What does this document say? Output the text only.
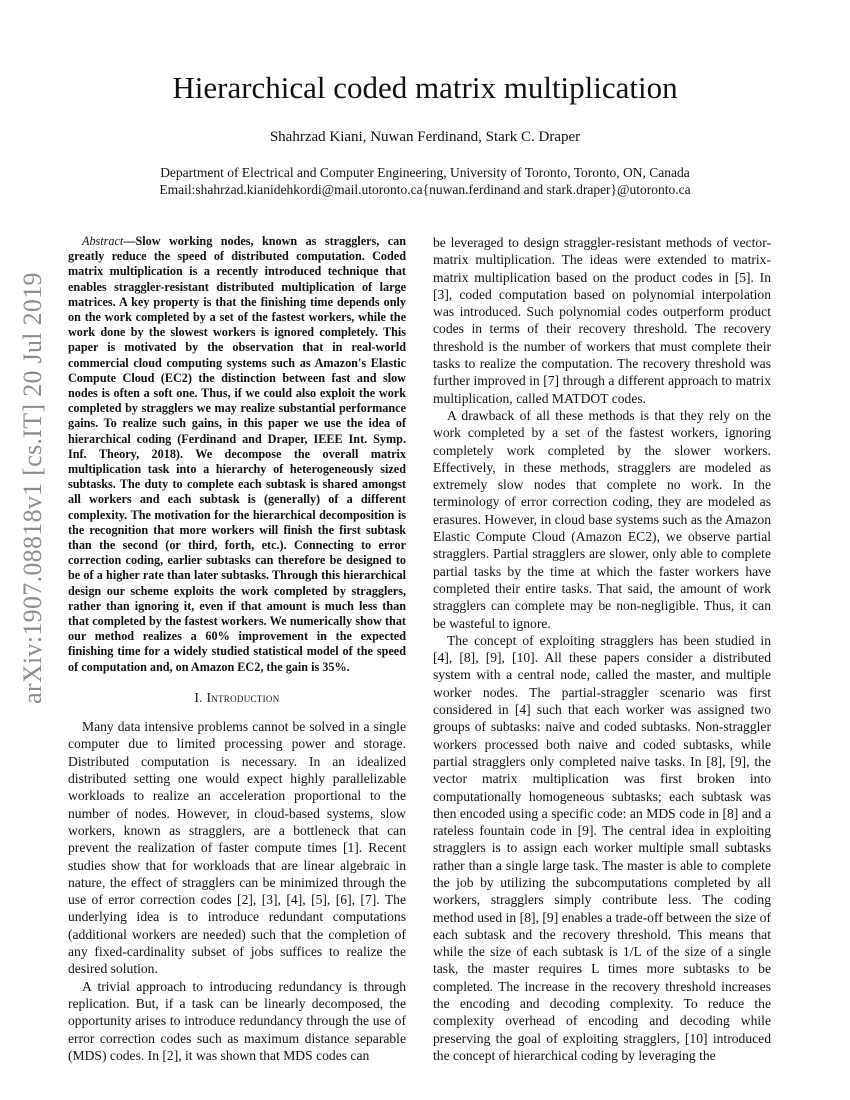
arXiv:1907.08818v1 [cs.IT] 20 Jul 2019
Hierarchical coded matrix multiplication

Shahrzad Kiani, Nuwan Ferdinand, Stark C. Draper

Department of Electrical and Computer Engineering, University of Toronto, Toronto, ON, Canada
Email:shahrzad.kianidehkordi@mail.utoronto.ca{nuwan.ferdinand and stark.draper}@utoronto.ca

Abstract—Slow working nodes, known as stragglers, can greatly reduce the speed of distributed computation. Coded matrix multiplication is a recently introduced technique that enables straggler-resistant distributed multiplication of large matrices. A key property is that the finishing time depends only on the work completed by a set of the fastest workers, while the work done by the slowest workers is ignored completely. This paper is motivated by the observation that in real-world commercial cloud computing systems such as Amazon's Elastic Compute Cloud (EC2) the distinction between fast and slow nodes is often a soft one. Thus, if we could also exploit the work completed by stragglers we may realize substantial performance gains. To realize such gains, in this paper we use the idea of hierarchical coding (Ferdinand and Draper, IEEE Int. Symp. Inf. Theory, 2018). We decompose the overall matrix multiplication task into a hierarchy of heterogeneously sized subtasks. The duty to complete each subtask is shared amongst all workers and each subtask is (generally) of a different complexity. The motivation for the hierarchical decomposition is the recognition that more workers will finish the first subtask than the second (or third, forth, etc.). Connecting to error correction coding, earlier subtasks can therefore be designed to be of a higher rate than later subtasks. Through this hierarchical design our scheme exploits the work completed by stragglers, rather than ignoring it, even if that amount is much less than that completed by the fastest workers. We numerically show that our method realizes a 60% improvement in the expected finishing time for a widely studied statistical model of the speed of computation and, on Amazon EC2, the gain is 35%.

I. Introduction

Many data intensive problems cannot be solved in a single computer due to limited processing power and storage. Distributed computation is necessary. In an idealized distributed setting one would expect highly parallelizable workloads to realize an acceleration proportional to the number of nodes. However, in cloud-based systems, slow workers, known as stragglers, are a bottleneck that can prevent the realization of faster compute times [1]. Recent studies show that for workloads that are linear algebraic in nature, the effect of stragglers can be minimized through the use of error correction codes [2], [3], [4], [5], [6], [7]. The underlying idea is to introduce redundant computations (additional workers are needed) such that the completion of any fixed-cardinality subset of jobs suffices to realize the desired solution.

A trivial approach to introducing redundancy is through replication. But, if a task can be linearly decomposed, the opportunity arises to introduce redundancy through the use of error correction codes such as maximum distance separable (MDS) codes. In [2], it was shown that MDS codes can

be leveraged to design straggler-resistant methods of vector-matrix multiplication. The ideas were extended to matrix-matrix multiplication based on the product codes in [5]. In [3], coded computation based on polynomial interpolation was introduced. Such polynomial codes outperform product codes in terms of their recovery threshold. The recovery threshold is the number of workers that must complete their tasks to realize the computation. The recovery threshold was further improved in [7] through a different approach to matrix multiplication, called MATDOT codes.

A drawback of all these methods is that they rely on the work completed by a set of the fastest workers, ignoring completely work completed by the slower workers. Effectively, in these methods, stragglers are modeled as extremely slow nodes that complete no work. In the terminology of error correction coding, they are modeled as erasures. However, in cloud base systems such as the Amazon Elastic Compute Cloud (Amazon EC2), we observe partial stragglers. Partial stragglers are slower, only able to complete partial tasks by the time at which the faster workers have completed their entire tasks. That said, the amount of work stragglers can complete may be non-negligible. Thus, it can be wasteful to ignore.

The concept of exploiting stragglers has been studied in [4], [8], [9], [10]. All these papers consider a distributed system with a central node, called the master, and multiple worker nodes. The partial-straggler scenario was first considered in [4] such that each worker was assigned two groups of subtasks: naive and coded subtasks. Non-straggler workers processed both naive and coded subtasks, while partial stragglers only completed naive tasks. In [8], [9], the vector matrix multiplication was first broken into computationally homogeneous subtasks; each subtask was then encoded using a specific code: an MDS code in [8] and a rateless fountain code in [9]. The central idea in exploiting stragglers is to assign each worker multiple small subtasks rather than a single large task. The master is able to complete the job by utilizing the subcomputations completed by all workers, stragglers simply contribute less. The coding method used in [8], [9] enables a trade-off between the size of each subtask and the recovery threshold. This means that while the size of each subtask is 1/L of the size of a single task, the master requires L times more subtasks to be completed. The increase in the recovery threshold increases the encoding and decoding complexity. To reduce the complexity overhead of encoding and decoding while preserving the goal of exploiting stragglers, [10] introduced the concept of hierarchical coding by leveraging the
